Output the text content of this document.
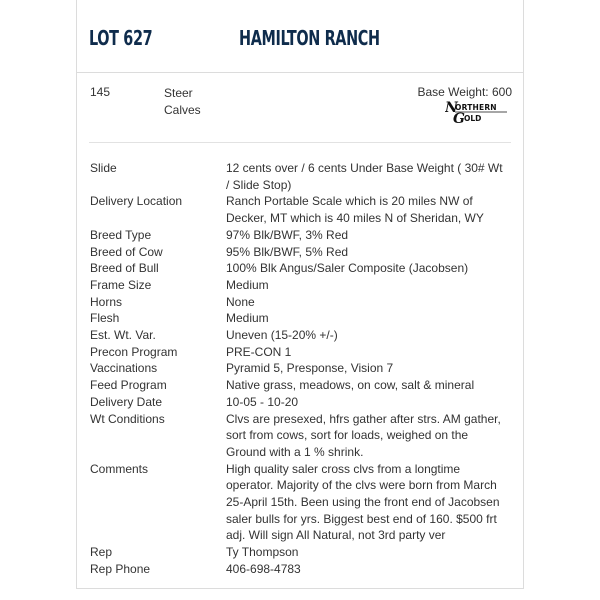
LOT 627	HAMILTON RANCH
145	Steer Calves
Base Weight: 600
N
ORTHERN
G OLD
Slide	12 cents over / 6 cents Under Base Weight ( 30# Wt / Slide Stop)
Delivery Location	Ranch Portable Scale which is 20 miles NW of Decker, MT which is 40 miles N of Sheridan, WY
Breed Type	97% Blk/BWF, 3% Red
Breed of Cow	95% Blk/BWF, 5% Red
Breed of Bull	100% Blk Angus/Saler Composite (Jacobsen)
Frame Size	Medium
Horns	None
Flesh	Medium
Est. Wt. Var.	Uneven (15-20% +/-)
Precon Program	PRE-CON 1
Vaccinations	Pyramid 5, Presponse, Vision 7
Feed Program	Native grass, meadows, on cow, salt & mineral
Delivery Date	10-05 - 10-20
Wt Conditions	Clvs are presexed, hfrs gather after strs. AM gather, sort from cows, sort for loads, weighed on the Ground with a 1 % shrink.
Comments	High quality saler cross clvs from a longtime operator. Majority of the clvs were born from March 25-April 15th. Been using the front end of Jacobsen saler bulls for yrs. Biggest best end of 160. $500 frt adj. Will sign All Natural, not 3rd party ver
Rep	Ty Thompson
Rep Phone	406-698-4783
